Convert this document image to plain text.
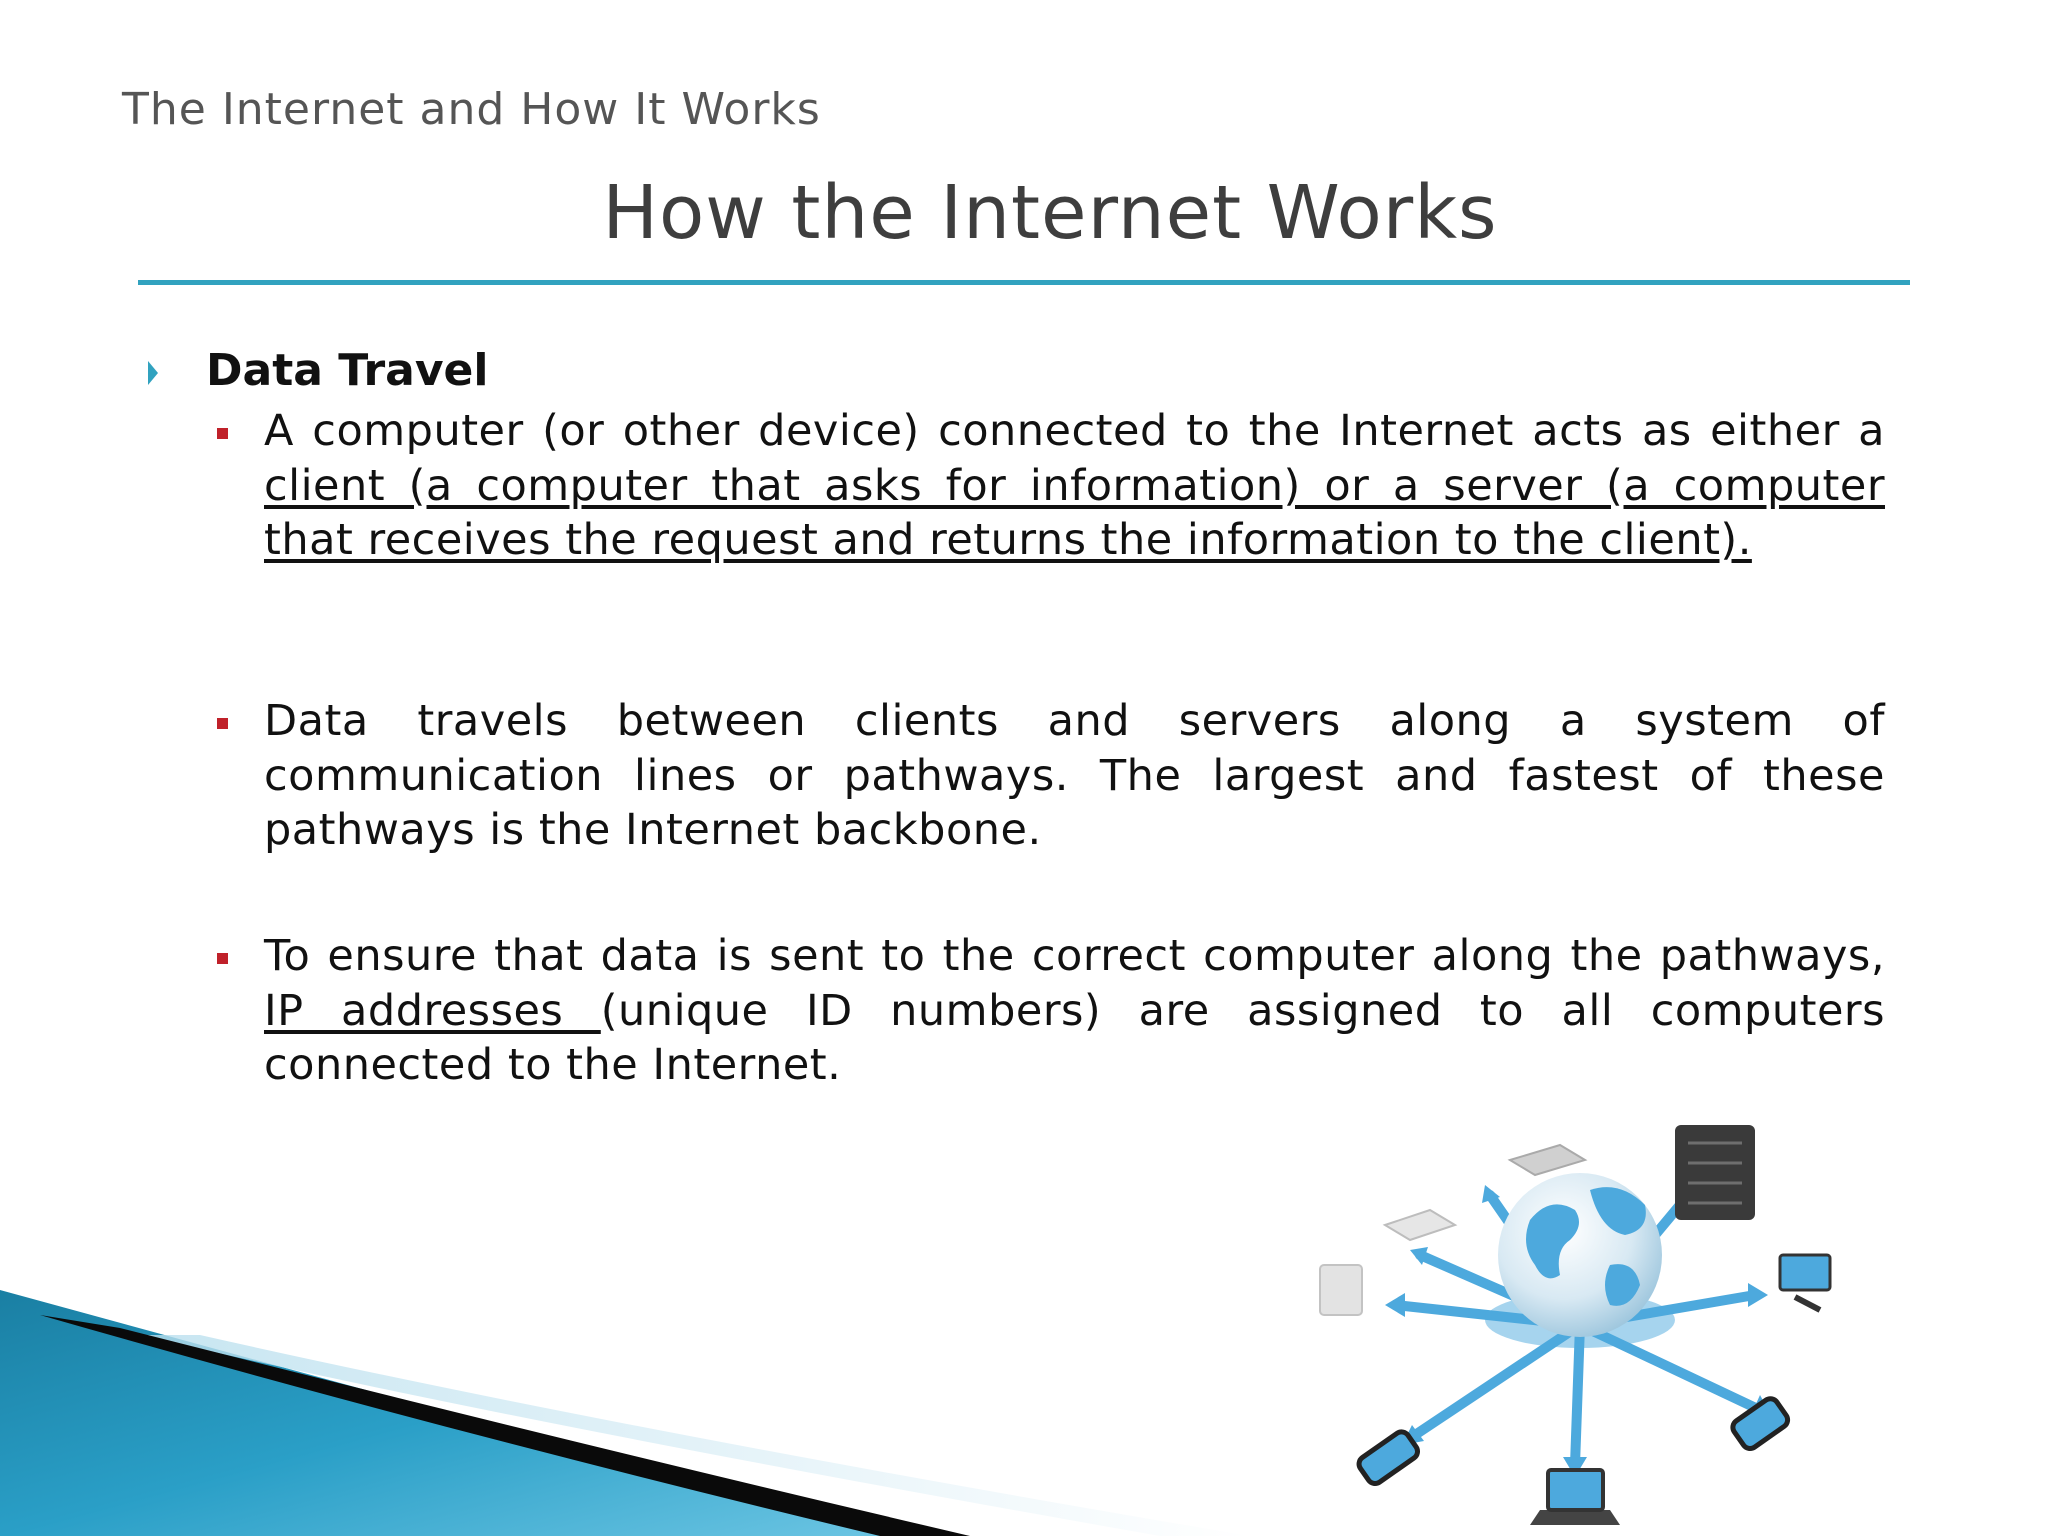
The Internet and How It Works
How the Internet Works
Data Travel
A computer (or other device) connected to the Internet acts as either a client (a computer that asks for information) or a server (a computer that receives the request and returns the information to the client).
Data travels between clients and servers along a system of communication lines or pathways. The largest and fastest of these pathways is the Internet backbone.
To ensure that data is sent to the correct computer along the pathways, IP addresses (unique ID numbers) are assigned to all computers connected to the Internet.
